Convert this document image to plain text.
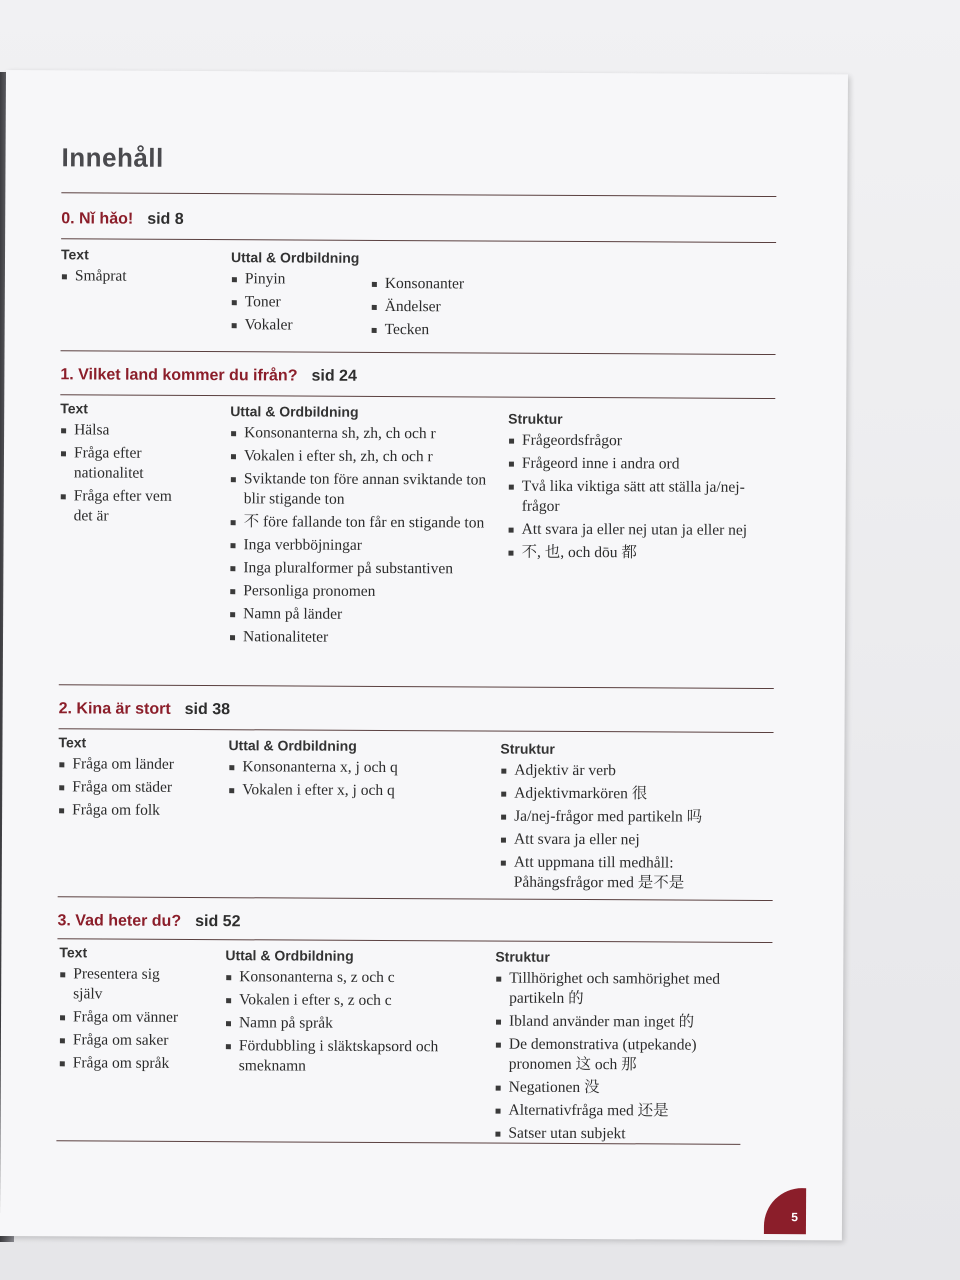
Innehåll
0. Nǐ hǎo! sid 8
Text
Småprat
Uttal & Ordbildning
Pinyin
Toner
Vokaler
Konsonanter
Ändelser
Tecken
1. Vilket land kommer du ifrån? sid 24
Text
Hälsa
Fråga efter nationalitet
Fråga efter vem det är
Uttal & Ordbildning
Konsonanterna sh, zh, ch och r
Vokalen i efter sh, zh, ch och r
Sviktande ton före annan sviktande ton blir stigande ton
不 före fallande ton får en stigande ton
Inga verbböjningar
Inga pluralformer på substantiven
Personliga pronomen
Namn på länder
Nationaliteter
Struktur
Frågeordsfrågor
Frågeord inne i andra ord
Två lika viktiga sätt att ställa ja/nej-frågor
Att svara ja eller nej utan ja eller nej
不, 也, och dōu 都
2. Kina är stort sid 38
Text
Fråga om länder
Fråga om städer
Fråga om folk
Uttal & Ordbildning
Konsonanterna x, j och q
Vokalen i efter x, j och q
Struktur
Adjektiv är verb
Adjektivmarkören 很
Ja/nej-frågor med partikeln 吗
Att svara ja eller nej
Att uppmana till medhåll: Påhängsfrågor med 是不是
3. Vad heter du? sid 52
Text
Presentera sig själv
Fråga om vänner
Fråga om saker
Fråga om språk
Uttal & Ordbildning
Konsonanterna s, z och c
Vokalen i efter s, z och c
Namn på språk
Fördubbling i släktskapsord och smeknamn
Struktur
Tillhörighet och samhörighet med partikeln 的
Ibland använder man inget 的
De demonstrativa (utpekande) pronomen 这 och 那
Negationen 没
Alternativfråga med 还是
Satser utan subjekt
5
